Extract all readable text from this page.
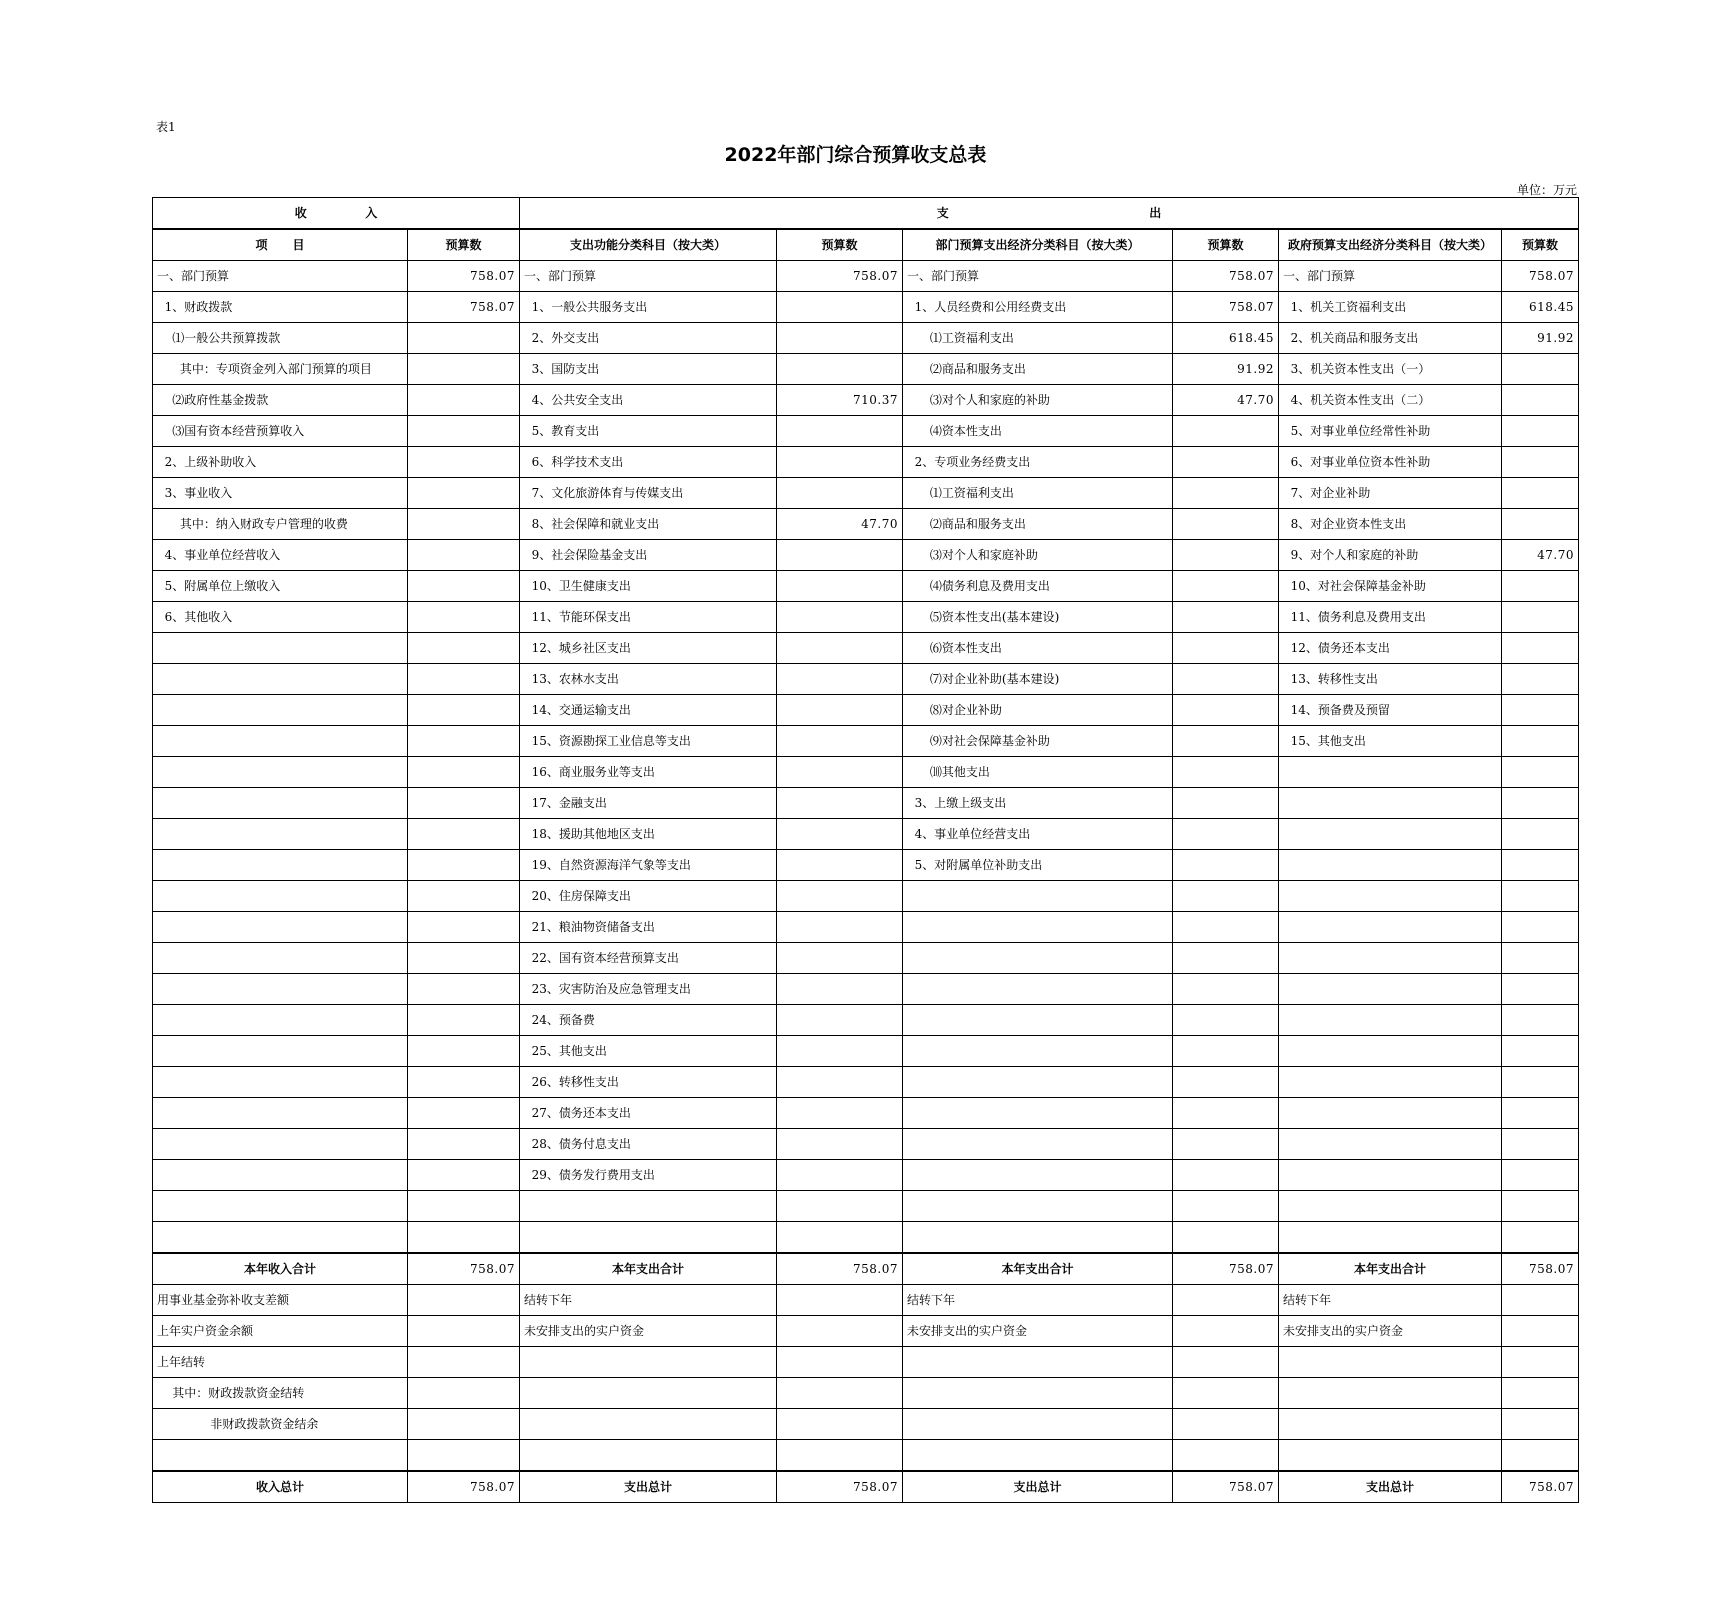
表1
2022年部门综合预算收支总表
单位：万元
收              入		支                                                出					
项      目	预算数	支出功能分类科目（按大类）	预算数	部门预算支出经济分类科目（按大类）	预算数	政府预算支出经济分类科目（按大类）	预算数
一、部门预算	758.07	一、部门预算	758.07	一、部门预算	758.07	一、部门预算	758.07
1、财政拨款	758.07	1、一般公共服务支出		1、人员经费和公用经费支出	758.07	1、机关工资福利支出	618.45
⑴一般公共预算拨款		2、外交支出		⑴工资福利支出	618.45	2、机关商品和服务支出	91.92
其中：专项资金列入部门预算的项目		3、国防支出		⑵商品和服务支出	91.92	3、机关资本性支出（一）	
⑵政府性基金拨款		4、公共安全支出	710.37	⑶对个人和家庭的补助	47.70	4、机关资本性支出（二）	
⑶国有资本经营预算收入		5、教育支出		⑷资本性支出		5、对事业单位经常性补助	
2、上级补助收入		6、科学技术支出		2、专项业务经费支出		6、对事业单位资本性补助	
3、事业收入		7、文化旅游体育与传媒支出		⑴工资福利支出		7、对企业补助	
其中：纳入财政专户管理的收费		8、社会保障和就业支出	47.70	⑵商品和服务支出		8、对企业资本性支出	
4、事业单位经营收入		9、社会保险基金支出		⑶对个人和家庭补助		9、对个人和家庭的补助	47.70
5、附属单位上缴收入		10、卫生健康支出		⑷债务利息及费用支出		10、对社会保障基金补助	
6、其他收入		11、节能环保支出		⑸资本性支出(基本建设)		11、债务利息及费用支出	
		12、城乡社区支出		⑹资本性支出		12、债务还本支出	
		13、农林水支出		⑺对企业补助(基本建设)		13、转移性支出	
		14、交通运输支出		⑻对企业补助		14、预备费及预留	
		15、资源勘探工业信息等支出		⑼对社会保障基金补助		15、其他支出	
		16、商业服务业等支出		⑽其他支出			
		17、金融支出		3、上缴上级支出			
		18、援助其他地区支出		4、事业单位经营支出			
		19、自然资源海洋气象等支出		5、对附属单位补助支出			
		20、住房保障支出					
		21、粮油物资储备支出					
		22、国有资本经营预算支出					
		23、灾害防治及应急管理支出					
		24、预备费					
		25、其他支出					
		26、转移性支出					
		27、债务还本支出					
		28、债务付息支出					
		29、债务发行费用支出					

本年收入合计	758.07	本年支出合计	758.07	本年支出合计	758.07	本年支出合计	758.07
用事业基金弥补收支差额		结转下年		结转下年		结转下年	
上年实户资金余额		未安排支出的实户资金		未安排支出的实户资金		未安排支出的实户资金	
上年结转							
其中：财政拨款资金结转							
非财政拨款资金结余							

收入总计	758.07	支出总计	758.07	支出总计	758.07	支出总计	758.07
